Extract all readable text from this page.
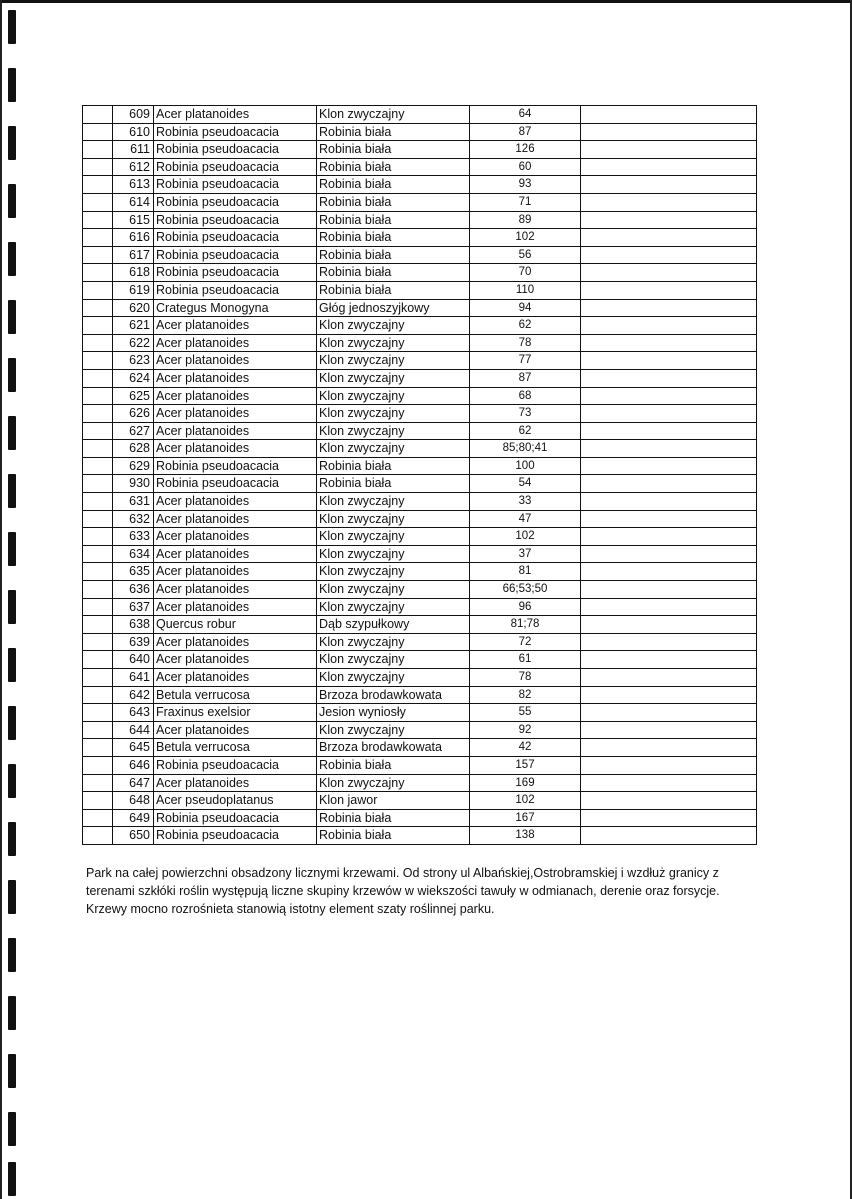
	609	Acer platanoides	Klon zwyczajny	64	
	610	Robinia pseudoacacia	Robinia biała	87	
	611	Robinia pseudoacacia	Robinia biała	126	
	612	Robinia pseudoacacia	Robinia biała	60	
	613	Robinia pseudoacacia	Robinia biała	93	
	614	Robinia pseudoacacia	Robinia biała	71	
	615	Robinia pseudoacacia	Robinia biała	89	
	616	Robinia pseudoacacia	Robinia biała	102	
	617	Robinia pseudoacacia	Robinia biała	56	
	618	Robinia pseudoacacia	Robinia biała	70	
	619	Robinia pseudoacacia	Robinia biała	110	
	620	Crategus Monogyna	Głóg jednoszyjkowy	94	
	621	Acer platanoides	Klon zwyczajny	62	
	622	Acer platanoides	Klon zwyczajny	78	
	623	Acer platanoides	Klon zwyczajny	77	
	624	Acer platanoides	Klon zwyczajny	87	
	625	Acer platanoides	Klon zwyczajny	68	
	626	Acer platanoides	Klon zwyczajny	73	
	627	Acer platanoides	Klon zwyczajny	62	
	628	Acer platanoides	Klon zwyczajny	85;80;41	
	629	Robinia pseudoacacia	Robinia biała	100	
	930	Robinia pseudoacacia	Robinia biała	54	
	631	Acer platanoides	Klon zwyczajny	33	
	632	Acer platanoides	Klon zwyczajny	47	
	633	Acer platanoides	Klon zwyczajny	102	
	634	Acer platanoides	Klon zwyczajny	37	
	635	Acer platanoides	Klon zwyczajny	81	
	636	Acer platanoides	Klon zwyczajny	66;53;50	
	637	Acer platanoides	Klon zwyczajny	96	
	638	Quercus robur	Dąb szypułkowy	81;78	
	639	Acer platanoides	Klon zwyczajny	72	
	640	Acer platanoides	Klon zwyczajny	61	
	641	Acer platanoides	Klon zwyczajny	78	
	642	Betula verrucosa	Brzoza brodawkowata	82	
	643	Fraxinus exelsior	Jesion wyniosły	55	
	644	Acer platanoides	Klon zwyczajny	92	
	645	Betula verrucosa	Brzoza brodawkowata	42	
	646	Robinia pseudoacacia	Robinia biała	157	
	647	Acer platanoides	Klon zwyczajny	169	
	648	Acer pseudoplatanus	Klon jawor	102	
	649	Robinia pseudoacacia	Robinia biała	167	
	650	Robinia pseudoacacia	Robinia biała	138	

Park na całej powierzchni obsadzony licznymi krzewami. Od strony ul Albańskiej,Ostrobramskiej i wzdłuż granicy z

terenami szkłóki roślin występują liczne skupiny krzewów w wiekszości tawuły w odmianach, derenie oraz forsycje.

Krzewy mocno rozrośnieta stanowią istotny element szaty roślinnej parku.
